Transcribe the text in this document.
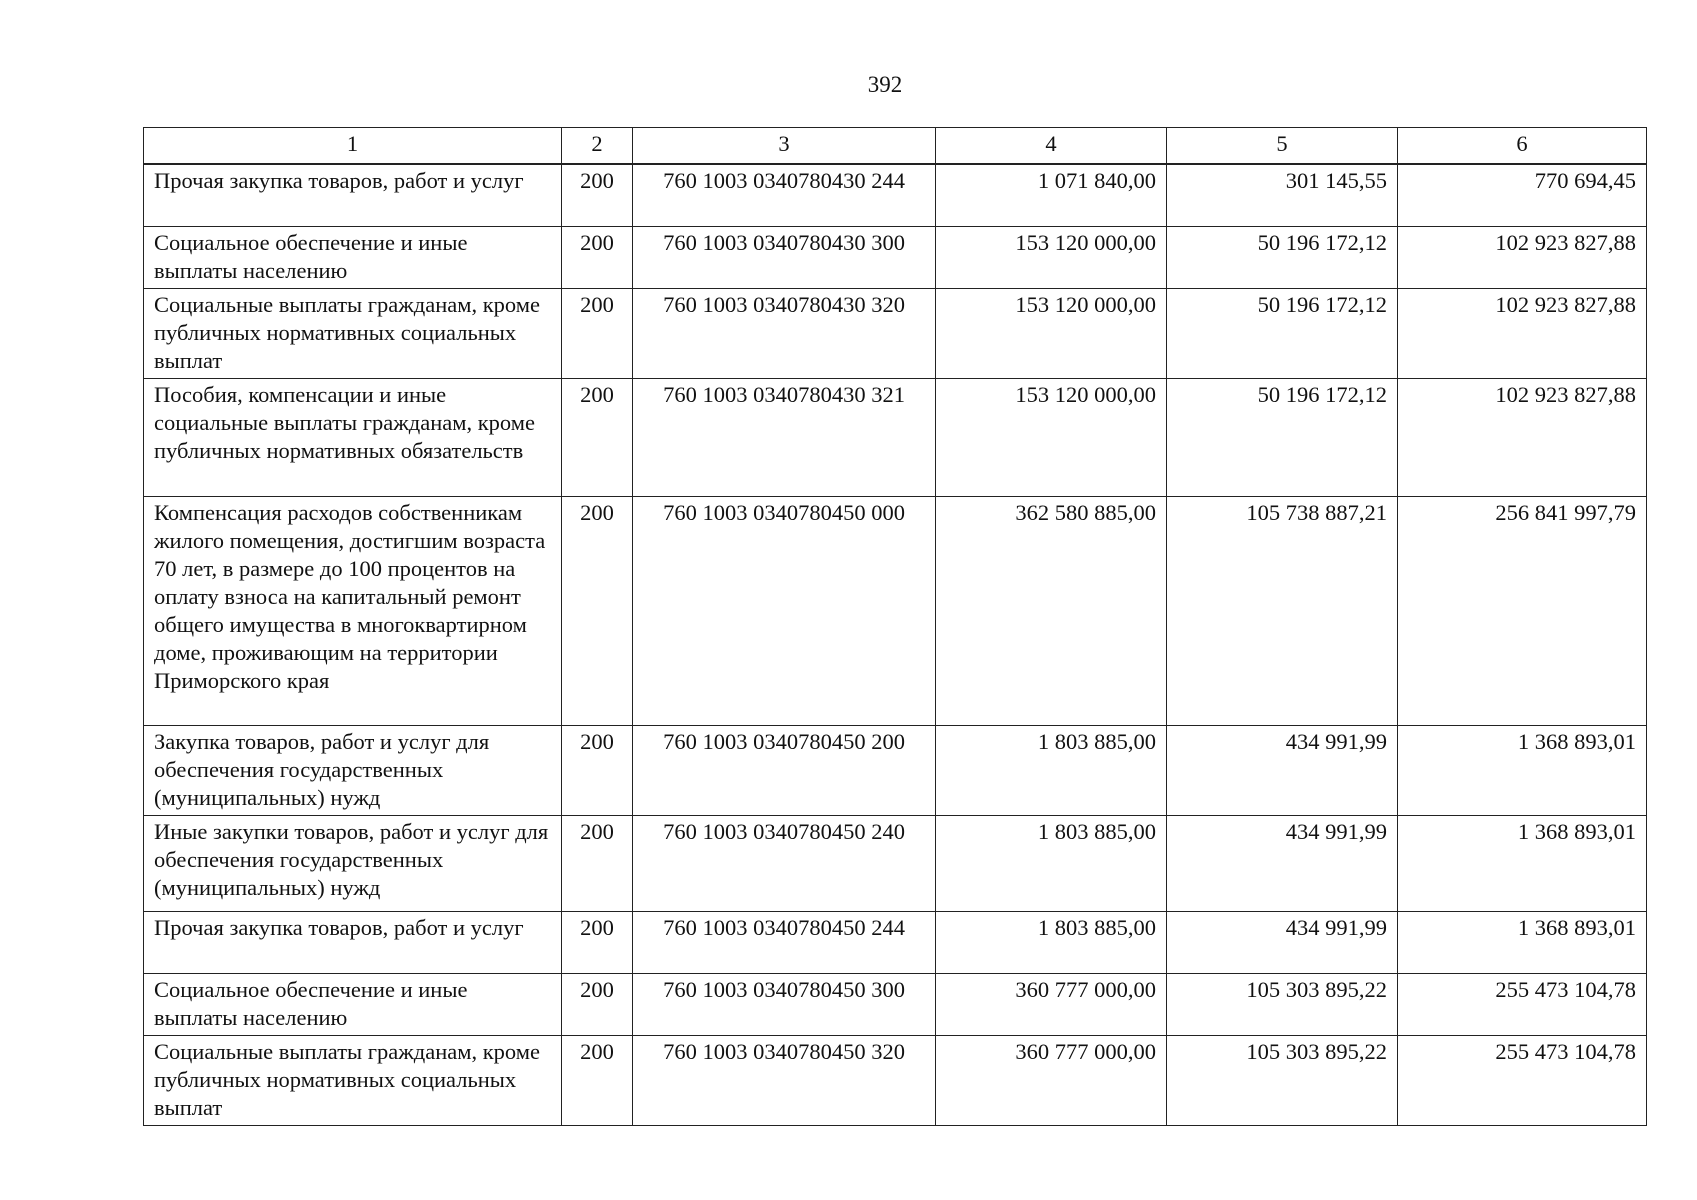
392
1	2	3	4	5	6
Прочая закупка товаров, работ и услуг	200	760 1003 0340780430 244	1 071 840,00	301 145,55	770 694,45
Социальное обеспечение и иные выплаты населению	200	760 1003 0340780430 300	153 120 000,00	50 196 172,12	102 923 827,88
Социальные выплаты гражданам, кроме публичных нормативных социальных выплат	200	760 1003 0340780430 320	153 120 000,00	50 196 172,12	102 923 827,88
Пособия, компенсации и иные социальные выплаты гражданам, кроме публичных нормативных обязательств	200	760 1003 0340780430 321	153 120 000,00	50 196 172,12	102 923 827,88
Компенсация расходов собственникам жилого помещения, достигшим возраста 70 лет, в размере до 100 процентов на оплату взноса на капитальный ремонт общего имущества в многоквартирном доме, проживающим на территории Приморского края	200	760 1003 0340780450 000	362 580 885,00	105 738 887,21	256 841 997,79
Закупка товаров, работ и услуг для обеспечения государственных (муниципальных) нужд	200	760 1003 0340780450 200	1 803 885,00	434 991,99	1 368 893,01
Иные закупки товаров, работ и услуг для обеспечения государственных (муниципальных) нужд	200	760 1003 0340780450 240	1 803 885,00	434 991,99	1 368 893,01
Прочая закупка товаров, работ и услуг	200	760 1003 0340780450 244	1 803 885,00	434 991,99	1 368 893,01
Социальное обеспечение и иные выплаты населению	200	760 1003 0340780450 300	360 777 000,00	105 303 895,22	255 473 104,78
Социальные выплаты гражданам, кроме публичных нормативных социальных выплат	200	760 1003 0340780450 320	360 777 000,00	105 303 895,22	255 473 104,78
